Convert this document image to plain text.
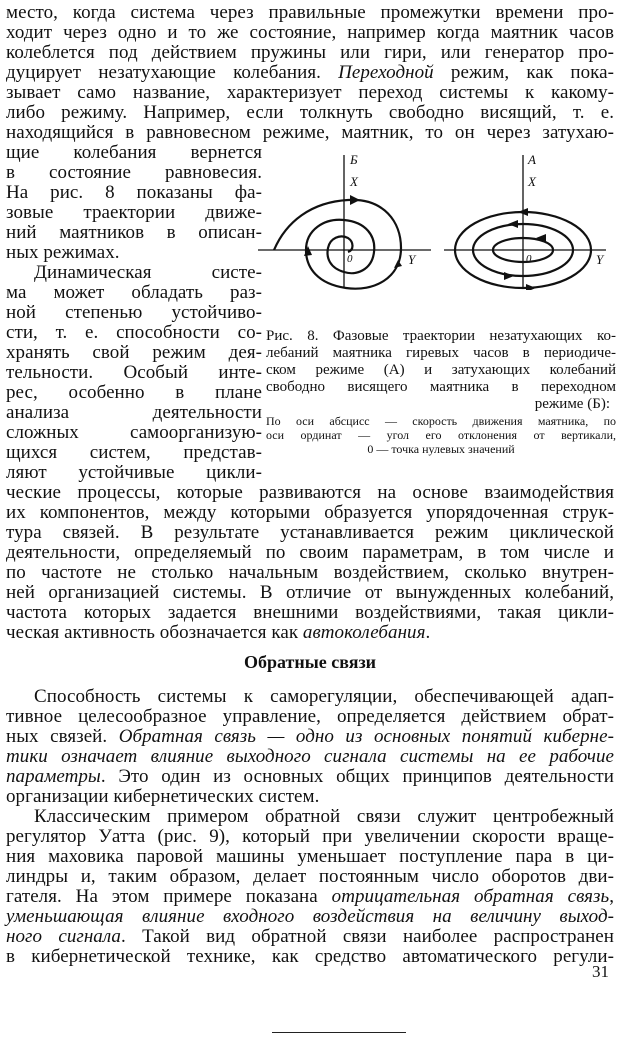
место, когда система через правильные промежутки времени про-
ходит через одно и то же состояние, например когда маятник часов
колеблется под действием пружины или гири, или генератор про-
дуцирует незатухающие колебания. Переходной режим, как пока-
зывает само название, характеризует переход системы к какому-
либо режиму. Например, если толкнуть свободно висящий, т. е.
находящийся в равновесном режиме, маятник, то он через затухаю-
щие колебания вернется
в состояние равновесия.
На рис. 8 показаны фа-
зовые траектории движе-
ний маятников в описан-
ных режимах.
Динамическая систе-
ма может обладать раз-
ной степенью устойчиво-
сти, т. е. способности со-
хранять свой режим дея-
тельности. Особый инте-
рес, особенно в плане
анализа деятельности
сложных самоорганизую-
щихся систем, представ-
ляют устойчивые цикли-
Б
X
Y
0
А
X
Y
0
Рис. 8. Фазовые траектории незатухающих ко-
лебаний маятника гиревых часов в периодиче-
ском режиме (А) и затухающих колебаний
свободно висящего маятника в переходном
режиме (Б):
По оси абсцисс — скорость движения маятника, по
оси ординат — угол его отклонения от вертикали,
0 — точка нулевых значений
ческие процессы, которые развиваются на основе взаимодействия
их компонентов, между которыми образуется упорядоченная струк-
тура связей. В результате устанавливается режим циклической
деятельности, определяемый по своим параметрам, в том числе и
по частоте не столько начальным воздействием, сколько внутрен-
ней организацией системы. В отличие от вынужденных колебаний,
частота которых задается внешними воздействиями, такая цикли-
ческая активность обозначается как автоколебания.
Обратные связи
Способность системы к саморегуляции, обеспечивающей адап-
тивное целесообразное управление, определяется действием обрат-
ных связей. Обратная связь — одно из основных понятий кибернe-
тики означает влияние выходного сигнала системы на ее рабочие
параметры. Это один из основных общих принципов деятельности
организации кибернетических систем.
Классическим примером обратной связи служит центробежный
регулятор Уатта (рис. 9), который при увеличении скорости враще-
ния маховика паровой машины уменьшает поступление пара в ци-
линдры и, таким образом, делает постоянным число оборотов дви-
гателя. На этом примере показана отрицательная обратная связь,
уменьшающая влияние входного воздействия на величину выход-
ного сигнала. Такой вид обратной связи наиболее распространен
в кибернетической технике, как средство автоматического регули-
31
